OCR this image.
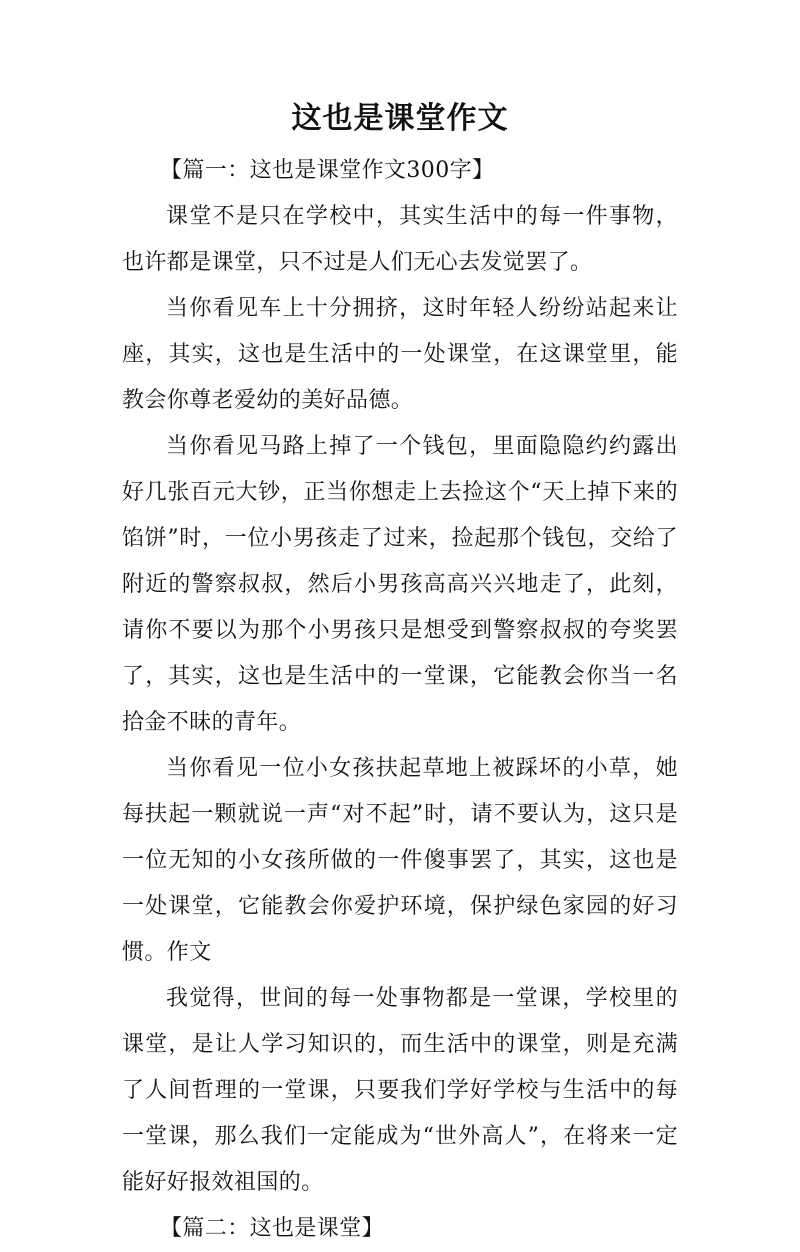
这也是课堂作文

【篇一：这也是课堂作文300字】

课堂不是只在学校中，其实生活中的每一件事物，也许都是课堂，只不过是人们无心去发觉罢了。

当你看见车上十分拥挤，这时年轻人纷纷站起来让座，其实，这也是生活中的一处课堂，在这课堂里，能教会你尊老爱幼的美好品德。

当你看见马路上掉了一个钱包，里面隐隐约约露出好几张百元大钞，正当你想走上去捡这个“天上掉下来的馅饼”时，一位小男孩走了过来，捡起那个钱包，交给了附近的警察叔叔，然后小男孩高高兴兴地走了，此刻，请你不要以为那个小男孩只是想受到警察叔叔的夸奖罢了，其实，这也是生活中的一堂课，它能教会你当一名拾金不昧的青年。

当你看见一位小女孩扶起草地上被踩坏的小草，她每扶起一颗就说一声“对不起”时，请不要认为，这只是一位无知的小女孩所做的一件傻事罢了，其实，这也是一处课堂，它能教会你爱护环境，保护绿色家园的好习惯。作文

我觉得，世间的每一处事物都是一堂课，学校里的课堂，是让人学习知识的，而生活中的课堂，则是充满了人间哲理的一堂课，只要我们学好学校与生活中的每一堂课，那么我们一定能成为“世外高人”，在将来一定能好好报效祖国的。

【篇二：这也是课堂】
